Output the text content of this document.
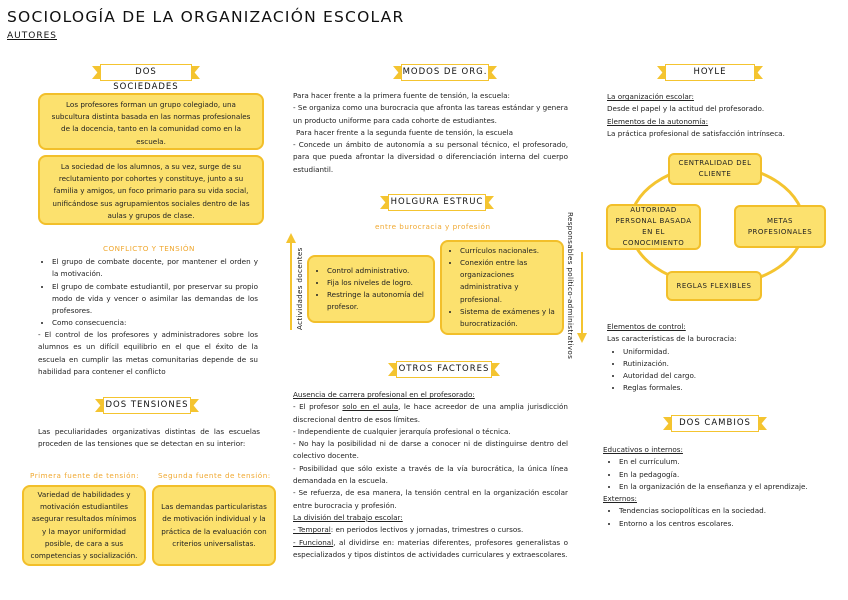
SOCIOLOGÍA DE LA ORGANIZACIÓN ESCOLAR
AUTORES
DOS SOCIEDADES
Los profesores forman un grupo colegiado, una subcultura distinta basada en las normas profesionales de la docencia, tanto en la comunidad como en la escuela.
La sociedad de los alumnos, a su vez, surge de su reclutamiento por cohortes y constituye, junto a su familia y amigos, un foco primario para su vida social, unificándose sus agrupamientos sociales dentro de las aulas y grupos de clase.
CONFLICTO Y TENSIÓN
• El grupo de combate docente, por mantener el orden y la motivación.
• El grupo de combate estudiantil, por preservar su propio modo de vida y vencer o asimilar las demandas de los profesores.
• Como consecuencia:
- El control de los profesores y administradores sobre los alumnos es un difícil equilibrio en el que el éxito de la escuela en cumplir las metas comunitarias depende de su habilidad para contener el conflicto
DOS TENSIONES
Las peculiaridades organizativas distintas de las escuelas proceden de las tensiones que se detectan en su interior:
Primera fuente de tensión:	Segunda fuente de tensión:
Variedad de habilidades y motivación estudiantiles asegurar resultados mínimos y la mayor uniformidad posible, de cara a sus competencias y socialización.
Las demandas particularistas de motivación individual y la práctica de la evaluación con criterios universalistas.
MODOS DE ORG.
Para hacer frente a la primera fuente de tensión, la escuela:
- Se organiza como una burocracia que afronta las tareas estándar y genera un producto uniforme para cada cohorte de estudiantes.
Para hacer frente a la segunda fuente de tensión, la escuela
- Concede un ámbito de autonomía a su personal técnico, el profesorado, para que pueda afrontar la diversidad o diferenciación interna del cuerpo estudiantil.
HOLGURA ESTRUC
entre burocracia y profesión
Actividades docentes
•	Control administrativo.
• Fija los niveles de logro.
• Restringe la autonomía del profesor.
• Currículos nacionales.
• Conexión entre las organizaciones administrativa y profesional.
• Sistema de exámenes y la burocratización.	Responsables político-administrativos
OTROS FACTORES
Ausencia de carrera profesional en el profesorado:
- El profesor solo en el aula, le hace acreedor de una amplia jurisdicción discrecional dentro de esos límites.
- Independiente de cualquier jerarquía profesional o técnica.
- No hay la posibilidad ni de darse a conocer ni de distinguirse dentro del colectivo docente.
- Posibilidad que sólo existe a través de la vía burocrática, la única línea demandada en la escuela.
- Se refuerza, de esa manera, la tensión central en la organización escolar entre burocracia y profesión.
La división del trabajo escolar:
- Temporal: en periodos lectivos y jornadas, trimestres o cursos.
- Funcional, al dividirse en: materias diferentes, profesores generalistas o especializados y tipos distintos de actividades curriculares y extraescolares.
HOYLE
La organización escolar:
Desde el papel y la actitud del profesorado.
Elementos de la autonomía:
La práctica profesional de satisfacción intrínseca.
CENTRALIDAD DEL CLIENTE
AUTORIDAD PERSONAL BASADA EN EL CONOCIMIENTO
METAS PROFESIONALES
REGLAS FLEXIBLES
Elementos de control:
Las características de la burocracia:
• Uniformidad.
• Rutinización.
• Autoridad del cargo.
• Reglas formales.
DOS CAMBIOS
Educativos o internos:
• En el currículum.
• En la pedagogía.
• En la organización de la enseñanza y el aprendizaje.
Externos:
• Tendencias sociopolíticas en la sociedad.
• Entorno a los centros escolares.
